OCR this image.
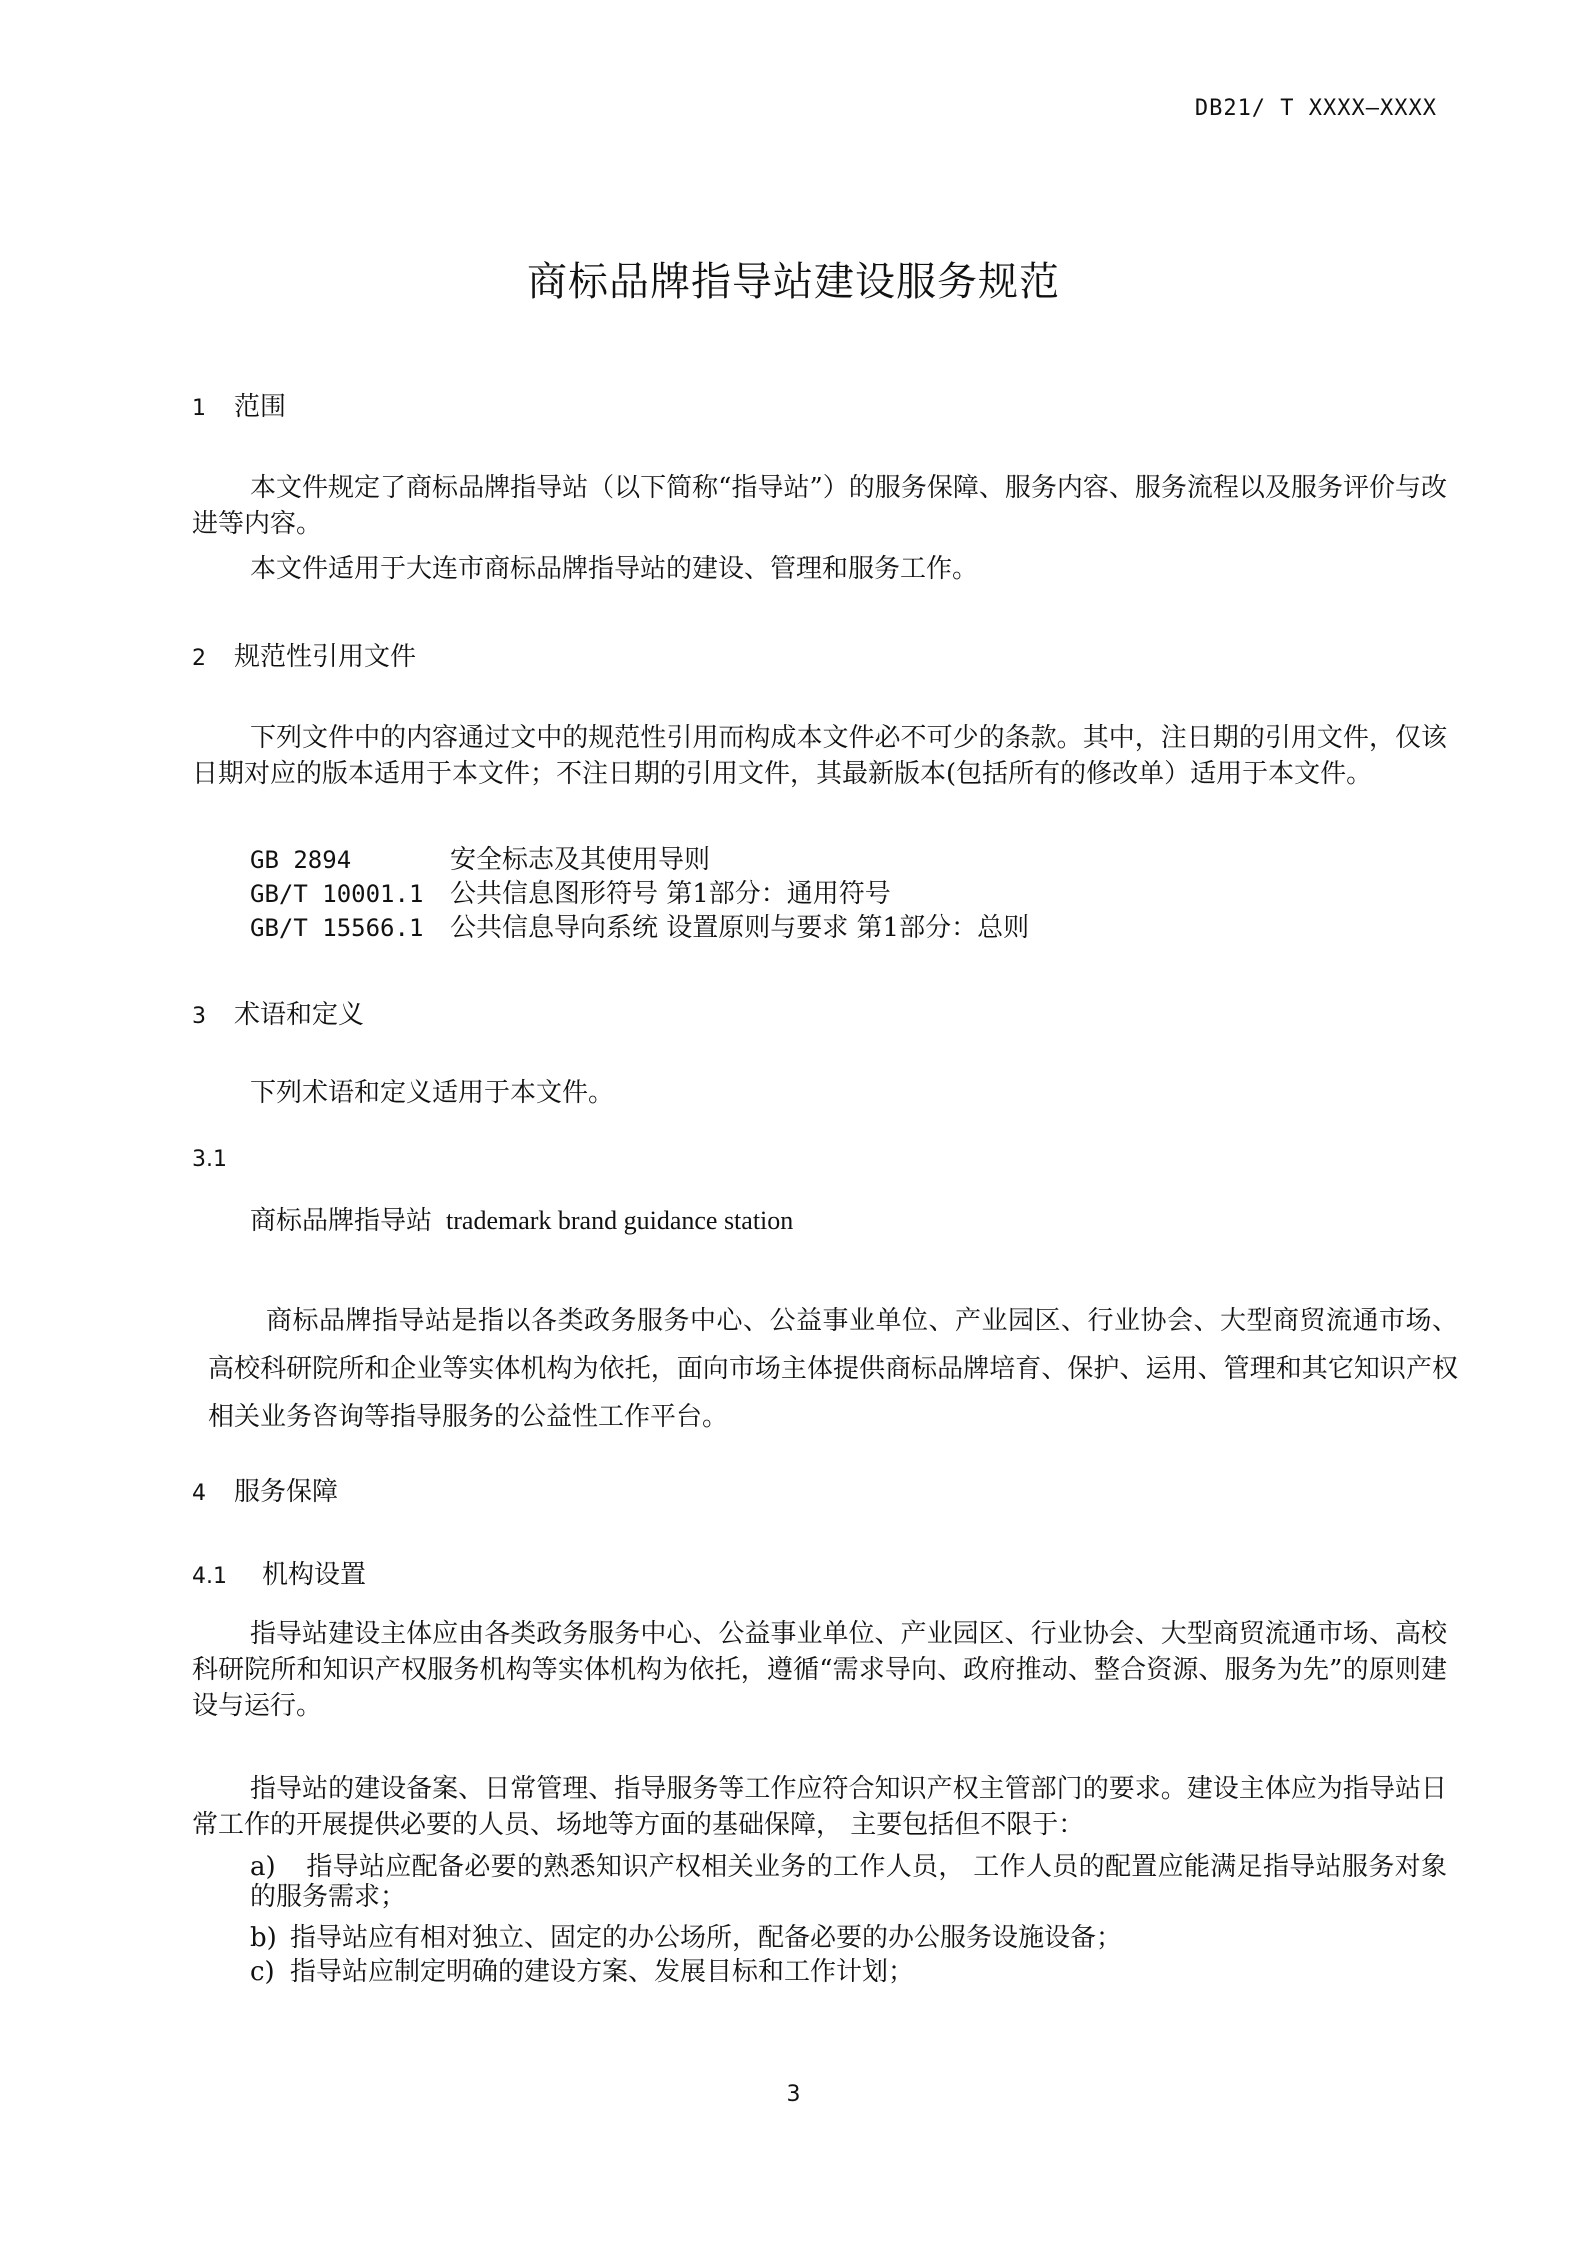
DB21/ T XXXX—XXXX
商标品牌指导站建设服务规范
1 范围
本文件规定了商标品牌指导站（以下简称“指导站”）的服务保障、服务内容、服务流程以及服务评价与改进等内容。
本文件适用于大连市商标品牌指导站的建设、管理和服务工作。
2 规范性引用文件
下列文件中的内容通过文中的规范性引用而构成本文件必不可少的条款。其中，注日期的引用文件，仅该日期对应的版本适用于本文件；不注日期的引用文件，其最新版本(包括所有的修改单）适用于本文件。
GB 2894	安全标志及其使用导则
GB/T 10001.1 公共信息图形符号 第1部分：通用符号
GB/T 15566.1 公共信息导向系统 设置原则与要求 第1部分：总则
3 术语和定义
下列术语和定义适用于本文件。
3.1
商标品牌指导站 trademark brand guidance station
商标品牌指导站是指以各类政务服务中心、公益事业单位、产业园区、行业协会、大型商贸流通市场、高校科研院所和企业等实体机构为依托，面向市场主体提供商标品牌培育、保护、运用、管理和其它知识产权相关业务咨询等指导服务的公益性工作平台。
4 服务保障
4.1 机构设置
指导站建设主体应由各类政务服务中心、公益事业单位、产业园区、行业协会、大型商贸流通市场、高校科研院所和知识产权服务机构等实体机构为依托，遵循“需求导向、政府推动、整合资源、服务为先”的原则建设与运行。
指导站的建设备案、日常管理、指导服务等工作应符合知识产权主管部门的要求。建设主体应为指导站日常工作的开展提供必要的人员、场地等方面的基础保障， 主要包括但不限于：
a) 指导站应配备必要的熟悉知识产权相关业务的工作人员， 工作人员的配置应能满足指导站服务对象的服务需求；
b) 指导站应有相对独立、固定的办公场所，配备必要的办公服务设施设备；
c) 指导站应制定明确的建设方案、发展目标和工作计划；
3
